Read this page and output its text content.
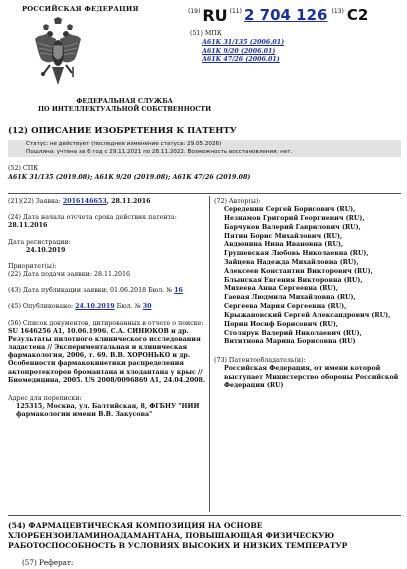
РОССИЙСКАЯ ФЕДЕРАЦИЯ
ФЕДЕРАЛЬНАЯ СЛУЖБА
ПО ИНТЕЛЛЕКТУАЛЬНОЙ СОБСТВЕННОСТИ
(19) RU (11) 2 704 126 (13) C2
(51) МПК
A61K 31/135 (2006.01)
A61K 9/20 (2006.01)
A61K 47/26 (2006.01)
(12) ОПИСАНИЕ ИЗОБРЕТЕНИЯ К ПАТЕНТУ
Статус: не действует (последнее изменение статуса: 29.05.2026)
Пошлина: учтена за 6 год с 29.11.2021 по 28.11.2022. Возможность восстановления: нет.
(52) СПК
A61K 31/135 (2019.08); A61K 9/20 (2019.08); A61K 47/26 (2019.08)
(21)(22) Заявка: 2016146653, 28.11.2016
(24) Дата начала отсчета срока действия патента:
28.11.2016
Дата регистрации:
24.10.2019
Приоритет(ы):
(22) Дата подачи заявки: 28.11.2016
(43) Дата публикации заявки: 01.06.2018 Бюл. № 16
(45) Опубликовано: 24.10.2019 Бюл. № 30
(56) Список документов, цитированных в отчете о поиске: SU 1646256 A1, 10.06.1996. С.А. СИНЮКОВ и др. Результаты пилотного клинического исследования ладастена // Экспериментальная и клиническая фармакология, 2006, т. 69. В.В. ХОРОНЬКО и др. Особенности фармакокинетики распределения актопротекторов бромантана и хлодантана у крыс // Биомедицина, 2005. US 2008/0096869 A1, 24.04.2008.
Адрес для переписки:
125315, Москва, ул. Балтийская, 8, ФГБНУ "НИИ фармакологии имени В.В. Закусова"
(72) Автор(ы):
Середенин Сергей Борисович (RU),
Незнамов Григорий Георгиевич (RU),
Барчуков Валерий Гаврилович (RU),
Пятин Борис Михайлович (RU),
Авдюнина Нина Ивановна (RU),
Грушевская Любовь Николаевна (RU),
Зайцева Надежда Михайловна (RU),
Алексеев Константин Викторович (RU),
Блынская Евгения Викторовна (RU),
Михеева Анна Сергеевна (RU),
Гаевая Людмила Михайловна (RU),
Сергеева Мария Сергеевна (RU),
Крыжановский Сергей Александрович (RU),
Цорин Иосиф Борисович (RU),
Столярук Валерий Николаевич (RU),
Вититнова Марина Борисовна (RU)
(73) Патентообладатель(и):
Российская Федерация, от имени которой выступает Министерство обороны Российской Федерации (RU)
(54) ФАРМАЦЕВТИЧЕСКАЯ КОМПОЗИЦИЯ НА ОСНОВЕ ХЛОРБЕНЗОИЛАМИНОАДАМАНТАНА, ПОВЫШАЮЩАЯ ФИЗИЧЕСКУЮ РАБОТОСПОСОБНОСТЬ В УСЛОВИЯХ ВЫСОКИХ И НИЗКИХ ТЕМПЕРАТУР
(57) Реферат:
